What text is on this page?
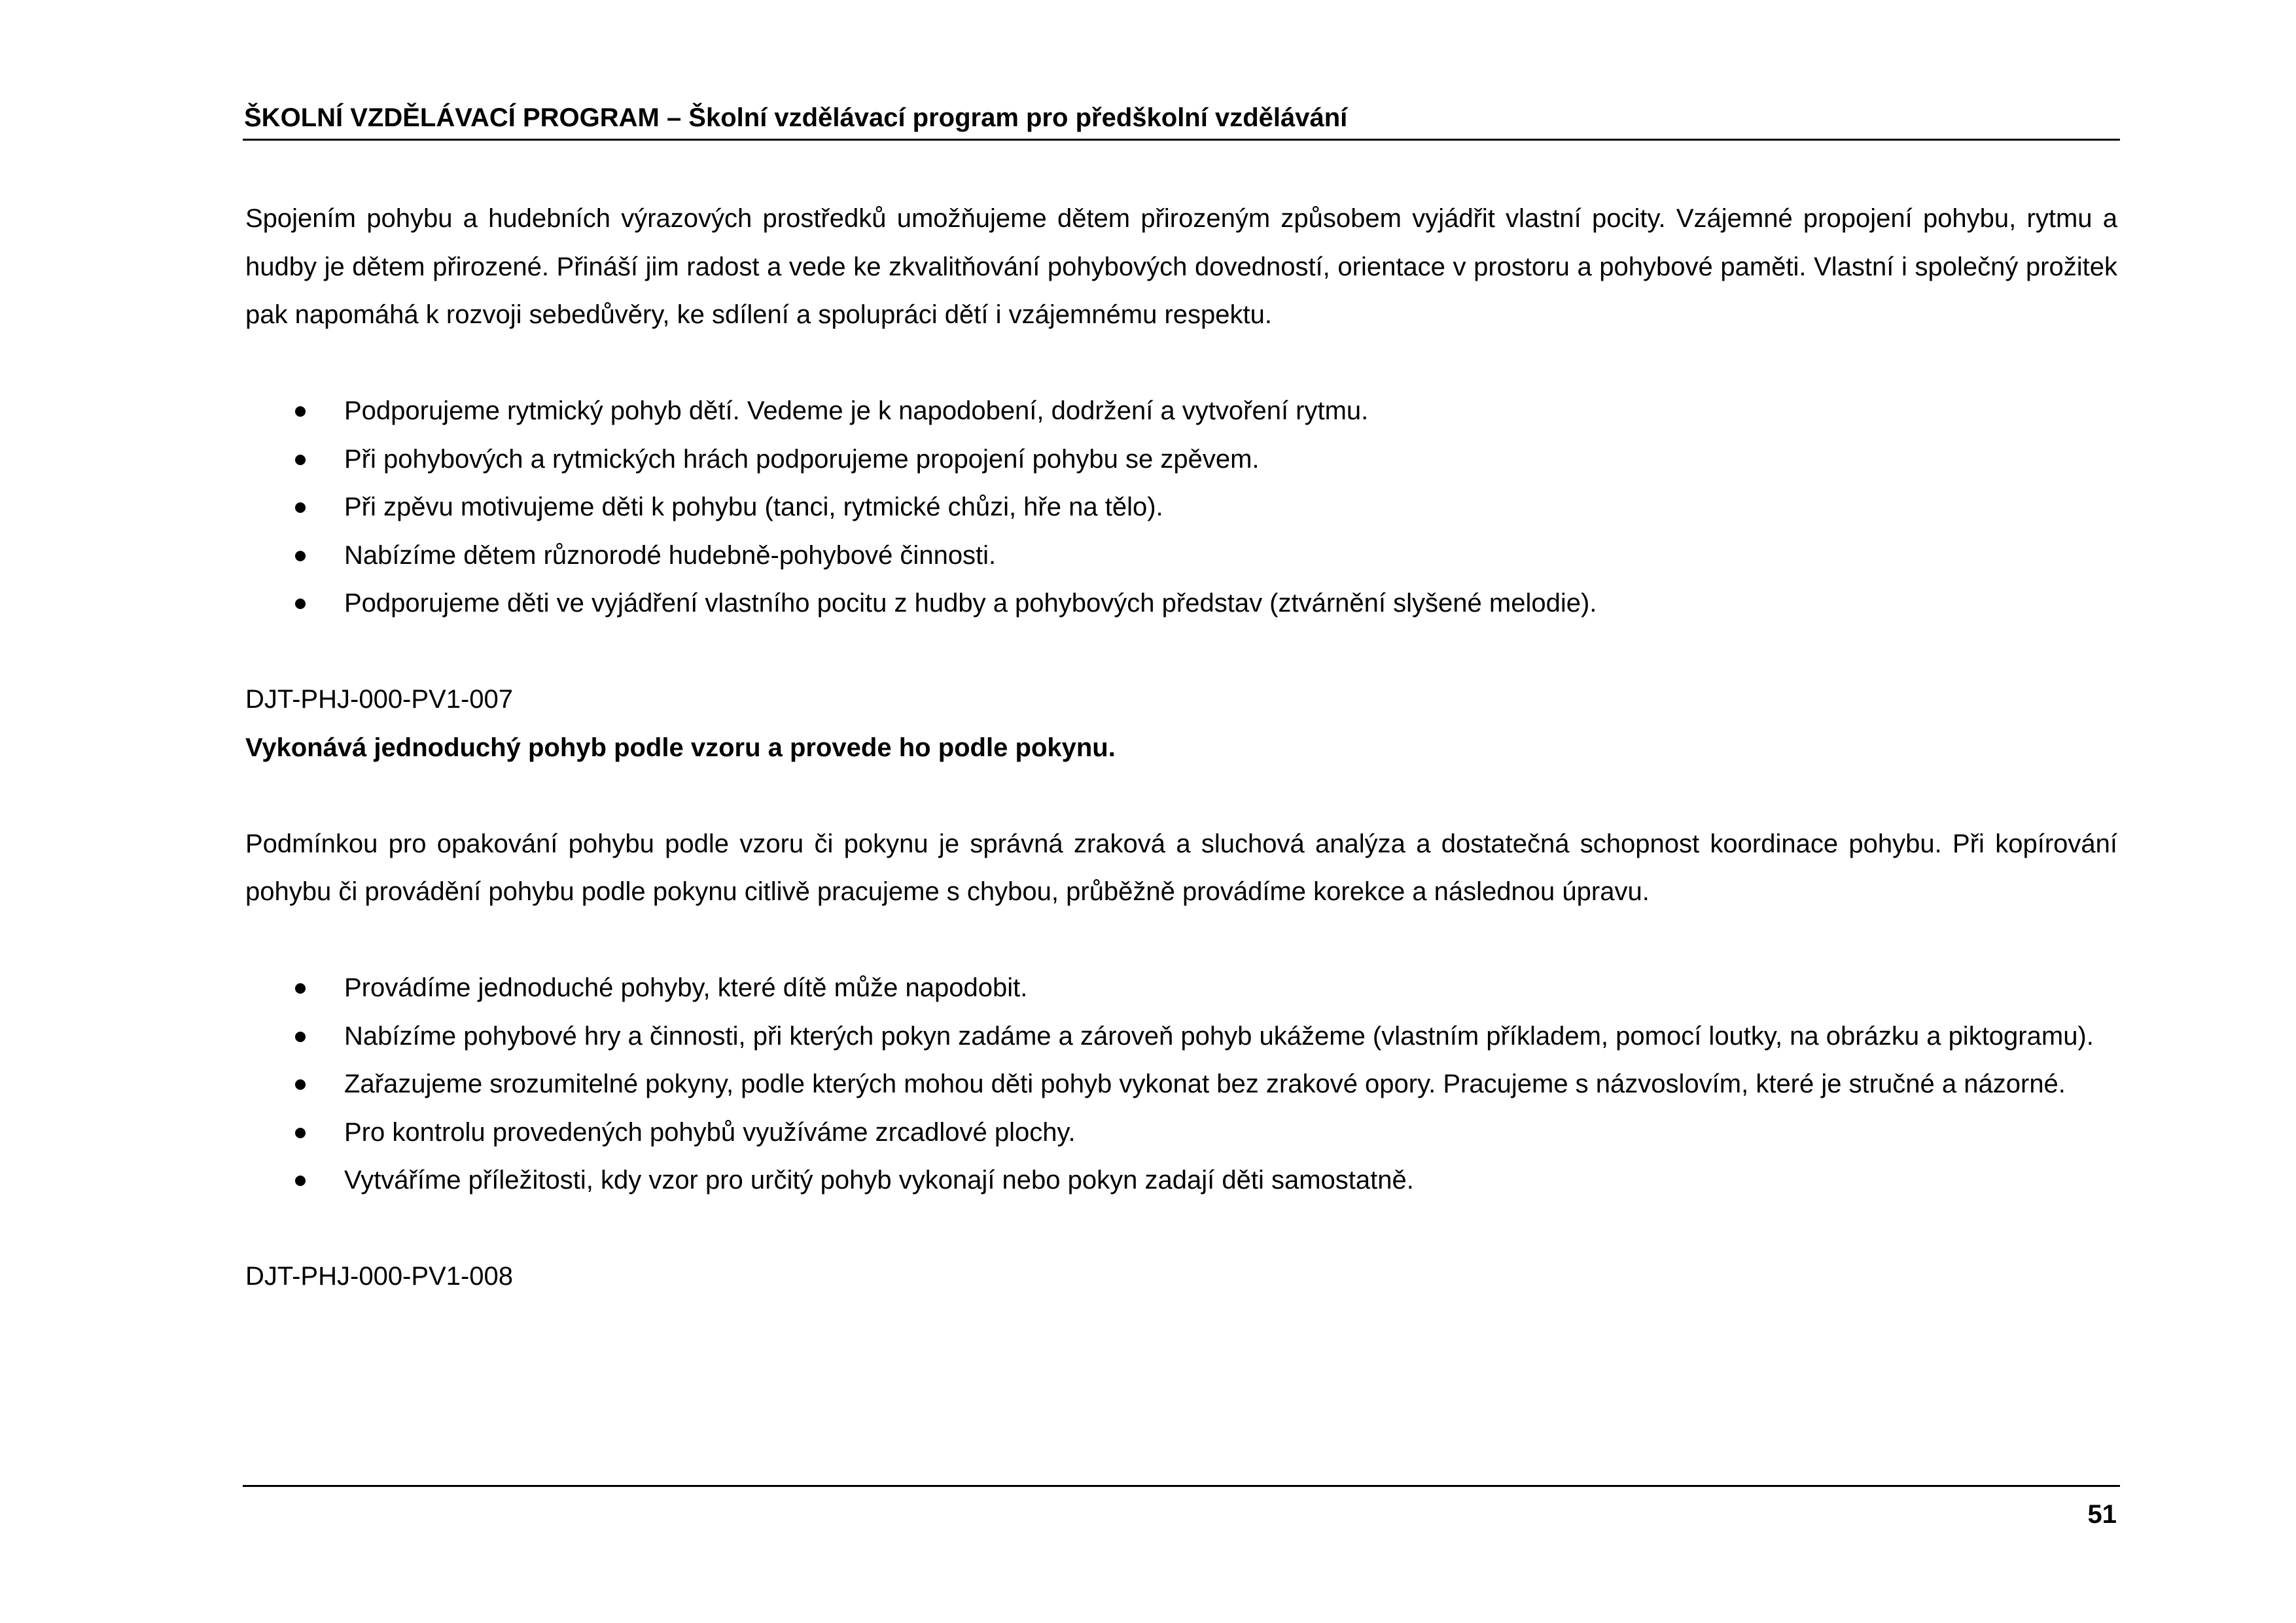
ŠKOLNÍ VZDĚLÁVACÍ PROGRAM – Školní vzdělávací program pro předškolní vzdělávání

Spojením pohybu a hudebních výrazových prostředků umožňujeme dětem přirozeným způsobem vyjádřit vlastní pocity. Vzájemné propojení pohybu, rytmu a hudby je dětem přirozené. Přináší jim radost a vede ke zkvalitňování pohybových dovedností, orientace v prostoru a pohybové paměti. Vlastní i společný prožitek pak napomáhá k rozvoji sebedůvěry, ke sdílení a spolupráci dětí i vzájemnému respektu.

Podporujeme rytmický pohyb dětí. Vedeme je k napodobení, dodržení a vytvoření rytmu.
Při pohybových a rytmických hrách podporujeme propojení pohybu se zpěvem.
Při zpěvu motivujeme děti k pohybu (tanci, rytmické chůzi, hře na tělo).
Nabízíme dětem různorodé hudebně-pohybové činnosti.
Podporujeme děti ve vyjádření vlastního pocitu z hudby a pohybových představ (ztvárnění slyšené melodie).

DJT-PHJ-000-PV1-007

Vykonává jednoduchý pohyb podle vzoru a provede ho podle pokynu.

Podmínkou pro opakování pohybu podle vzoru či pokynu je správná zraková a sluchová analýza a dostatečná schopnost koordinace pohybu. Při kopírování pohybu či provádění pohybu podle pokynu citlivě pracujeme s chybou, průběžně provádíme korekce a následnou úpravu.

Provádíme jednoduché pohyby, které dítě může napodobit.
Nabízíme pohybové hry a činnosti, při kterých pokyn zadáme a zároveň pohyb ukážeme (vlastním příkladem, pomocí loutky, na obrázku a piktogramu).
Zařazujeme srozumitelné pokyny, podle kterých mohou děti pohyb vykonat bez zrakové opory. Pracujeme s názvoslovím, které je stručné a názorné.
Pro kontrolu provedených pohybů využíváme zrcadlové plochy.
Vytváříme příležitosti, kdy vzor pro určitý pohyb vykonají nebo pokyn zadají děti samostatně.

DJT-PHJ-000-PV1-008

51
